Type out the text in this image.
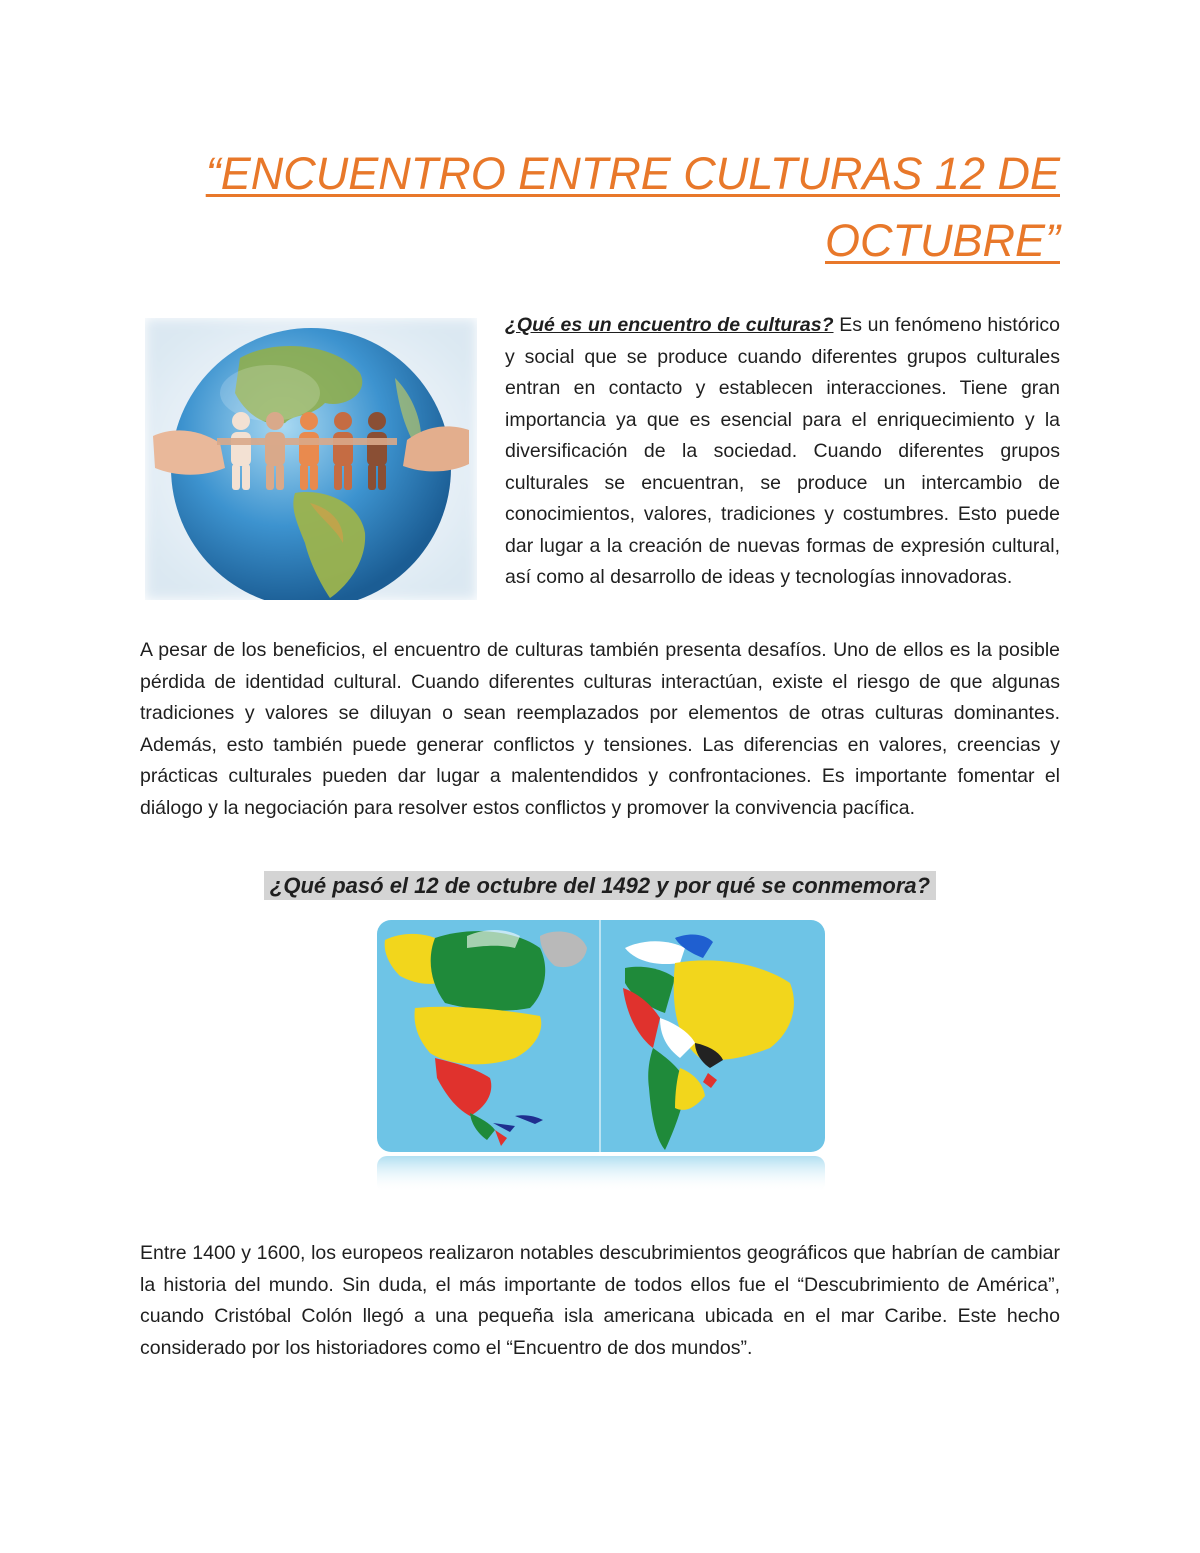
“ENCUENTRO ENTRE CULTURAS 12 DE
OCTUBRE”

¿Qué es un encuentro de culturas? Es un fenómeno histórico y social que se produce cuando diferentes grupos culturales entran en contacto y establecen interacciones. Tiene gran importancia ya que es esencial para el enriquecimiento y la diversificación de la sociedad. Cuando diferentes grupos culturales se encuentran, se produce un intercambio de conocimientos, valores, tradiciones y costumbres. Esto puede dar lugar a la creación de nuevas formas de expresión cultural, así como al desarrollo de ideas y tecnologías innovadoras.

A pesar de los beneficios, el encuentro de culturas también presenta desafíos. Uno de ellos es la posible pérdida de identidad cultural. Cuando diferentes culturas interactúan, existe el riesgo de que algunas tradiciones y valores se diluyan o sean reemplazados por elementos de otras culturas dominantes. Además, esto también puede generar conflictos y tensiones. Las diferencias en valores, creencias y prácticas culturales pueden dar lugar a malentendidos y confrontaciones. Es importante fomentar el diálogo y la negociación para resolver estos conflictos y promover la convivencia pacífica.

¿Qué pasó el 12 de octubre del 1492 y por qué se conmemora?

Entre 1400 y 1600, los europeos realizaron notables descubrimientos geográficos que habrían de cambiar la historia del mundo. Sin duda, el más importante de todos ellos fue el “Descubrimiento de América”, cuando Cristóbal Colón llegó a una pequeña isla americana ubicada en el mar Caribe. Este hecho considerado por los historiadores como el “Encuentro de dos mundos”.
